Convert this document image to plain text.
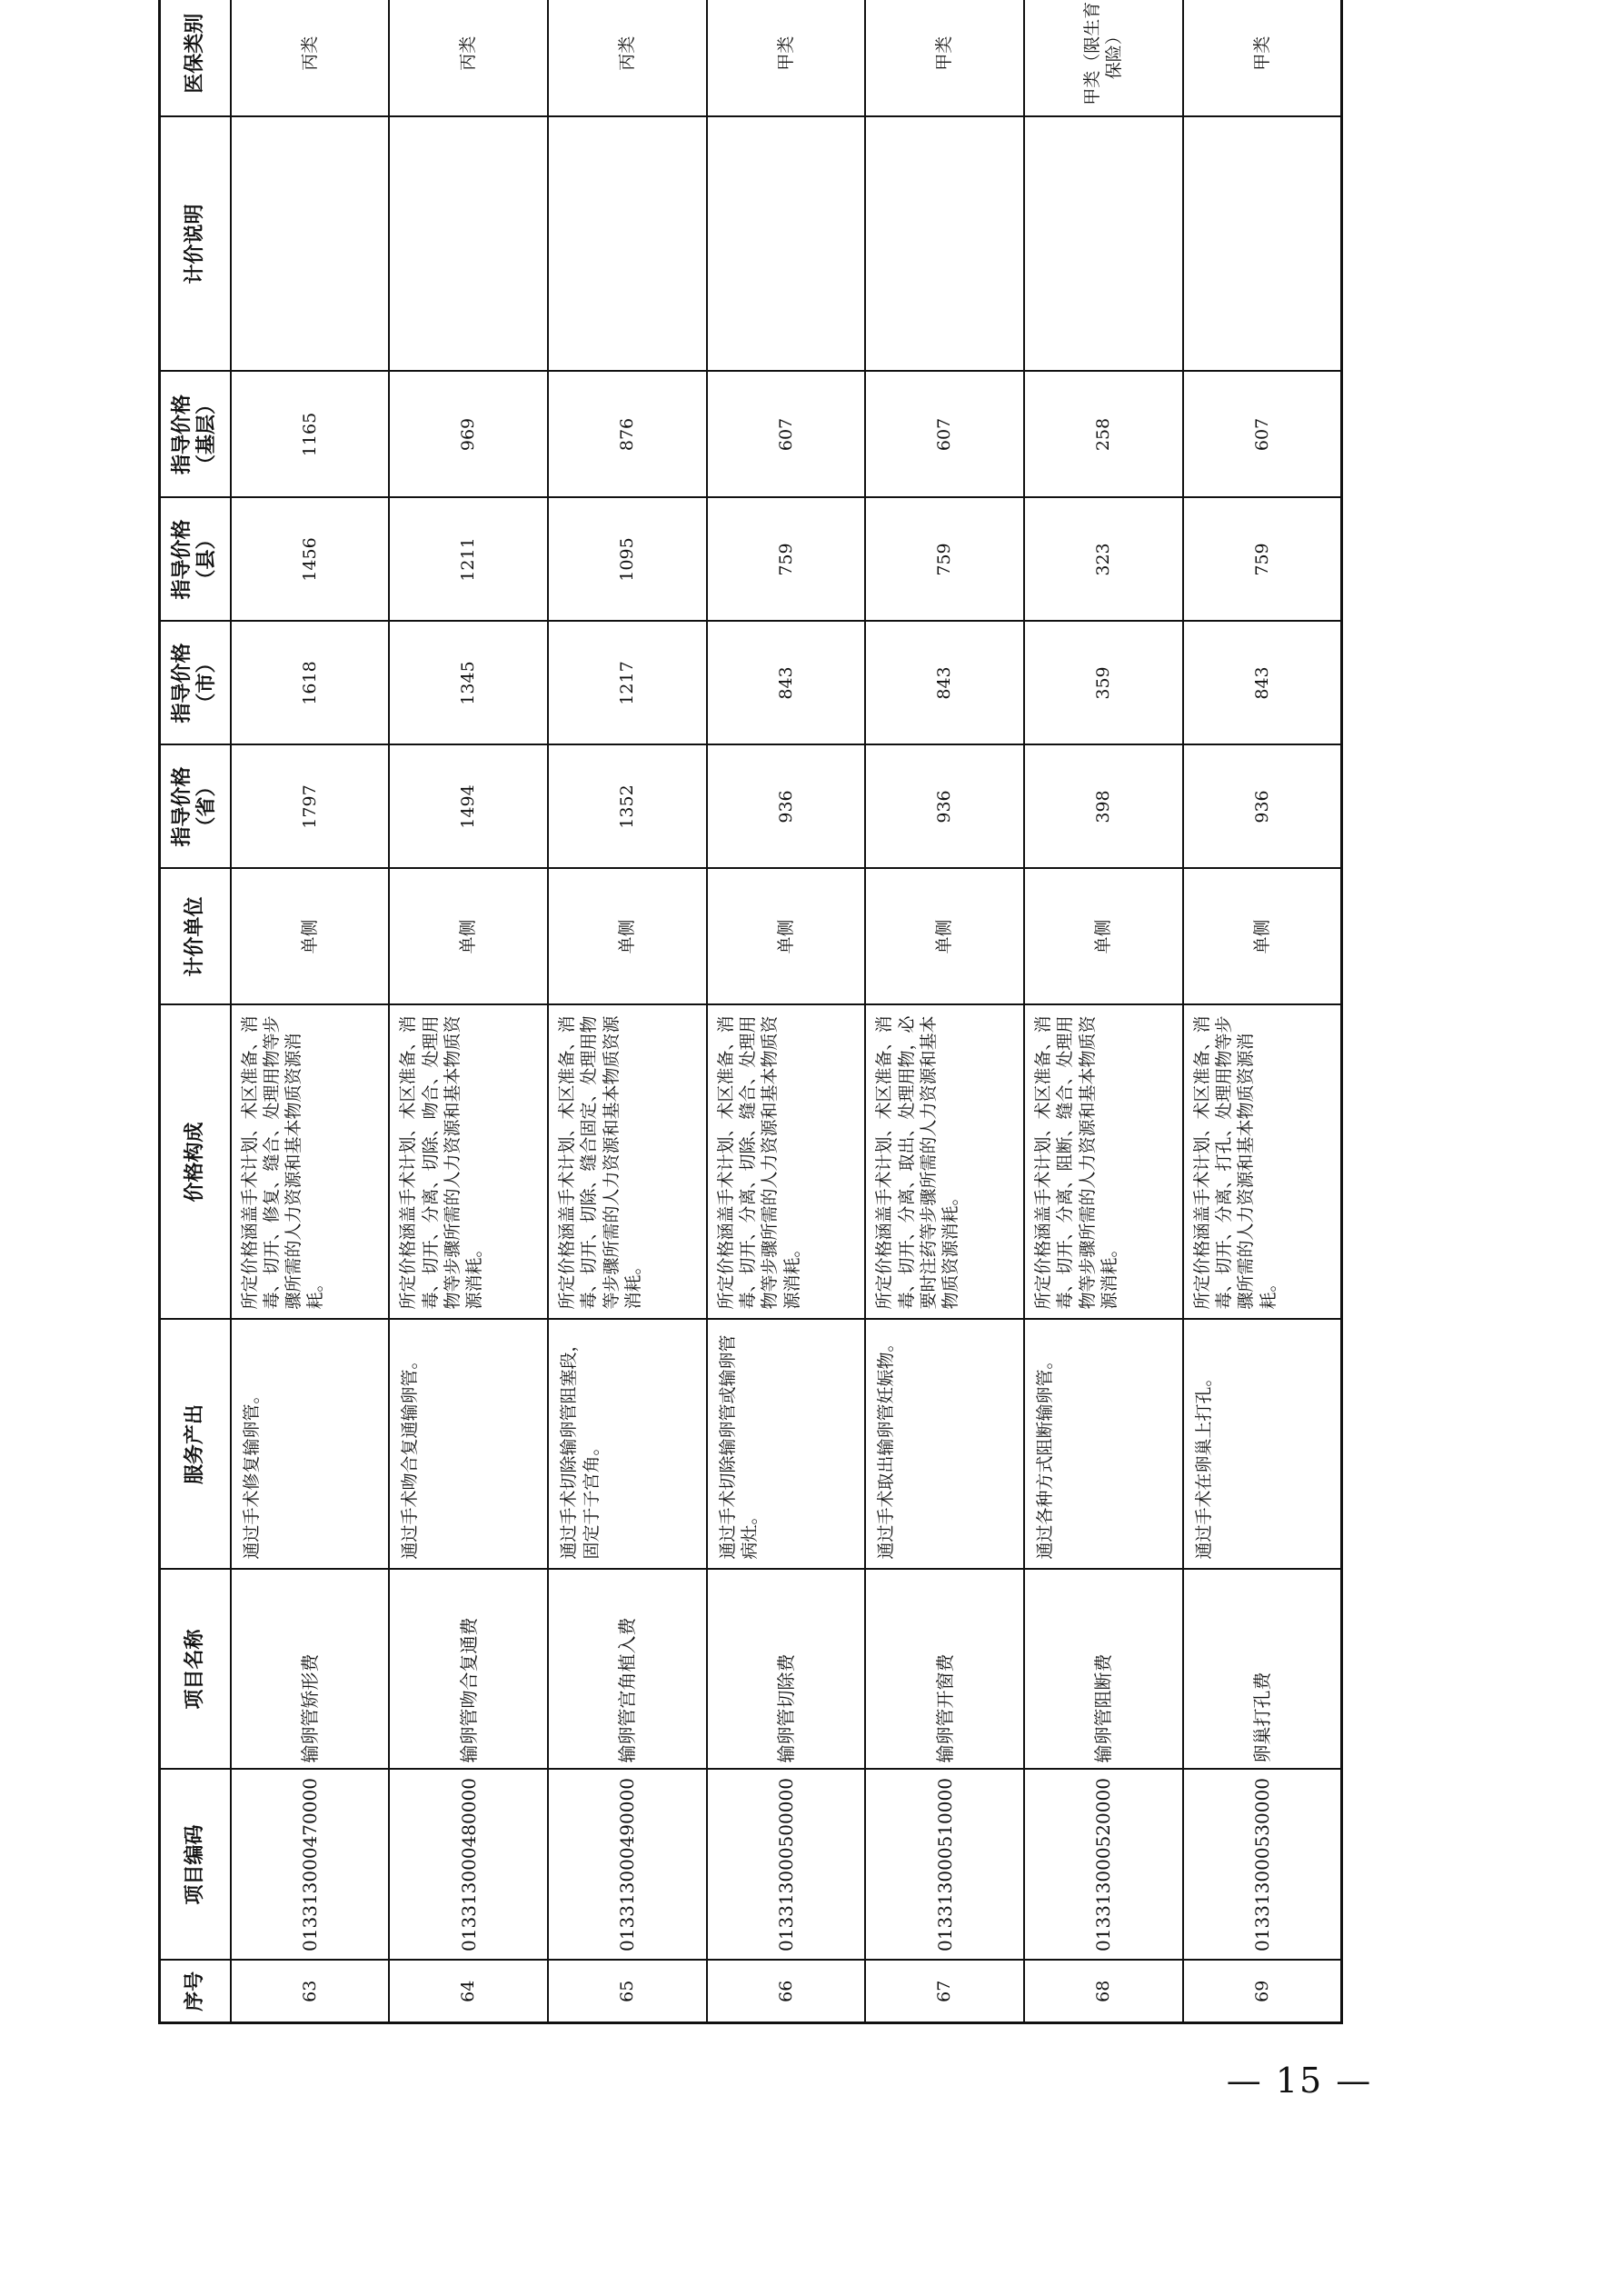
序号	项目编码	项目名称	服务产出	价格构成	计价单位	指导价格（省）	指导价格（市）	指导价格（县）	指导价格（基层）	计价说明	医保类别
63	013313000470000	输卵管矫形费	通过手术修复输卵管。	所定价格涵盖手术计划、术区准备、消毒、切开、修复、缝合、处理用物等步骤所需的人力资源和基本物质资源消耗。	单侧	1797	1618	1456	1165		丙类
64	013313000480000	输卵管吻合复通费	通过手术吻合复通输卵管。	所定价格涵盖手术计划、术区准备、消毒、切开、分离、切除、吻合、处理用物等步骤所需的人力资源和基本物质资源消耗。	单侧	1494	1345	1211	969		丙类
65	013313000490000	输卵管宫角植入费	通过手术切除输卵管阻塞段，固定于子宫角。	所定价格涵盖手术计划、术区准备、消毒、切开、切除、缝合固定、处理用物等步骤所需的人力资源和基本物质资源消耗。	单侧	1352	1217	1095	876		丙类
66	013313000500000	输卵管切除费	通过手术切除输卵管或输卵管病灶。	所定价格涵盖手术计划、术区准备、消毒、切开、分离、切除、缝合、处理用物等步骤所需的人力资源和基本物质资源消耗。	单侧	936	843	759	607		甲类
67	013313000510000	输卵管开窗费	通过手术取出输卵管妊娠物。	所定价格涵盖手术计划、术区准备、消毒、切开、分离、取出、处理用物，必要时注药等步骤所需的人力资源和基本物质资源消耗。	单侧	936	843	759	607		甲类
68	013313000520000	输卵管阻断费	通过各种方式阻断输卵管。	所定价格涵盖手术计划、术区准备、消毒、切开、分离、阻断、缝合、处理用物等步骤所需的人力资源和基本物质资源消耗。	单侧	398	359	323	258		甲类（限生育保险）
69	013313000530000	卵巢打孔费	通过手术在卵巢上打孔。	所定价格涵盖手术计划、术区准备、消毒、切开、分离、打孔、处理用物等步骤所需的人力资源和基本物质资源消耗。	单侧	936	843	759	607		甲类
— 15 —
